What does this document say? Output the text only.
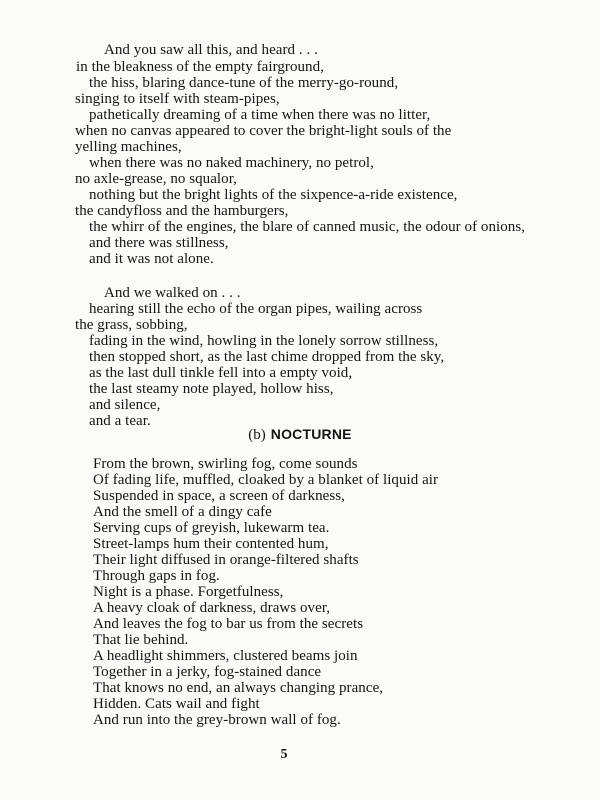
And you saw all this, and heard . . .
in the bleakness of the empty fairground,
the hiss, blaring dance-tune of the merry-go-round,
singing to itself with steam-pipes,
pathetically dreaming of a time when there was no litter,
when no canvas appeared to cover the bright-light souls of the
yelling machines,
when there was no naked machinery, no petrol,
no axle-grease, no squalor,
nothing but the bright lights of the sixpence-a-ride existence,
the candyfloss and the hamburgers,
the whirr of the engines, the blare of canned music, the odour of onions,
and there was stillness,
and it was not alone.
And we walked on . . .
hearing still the echo of the organ pipes, wailing across
the grass, sobbing,
fading in the wind, howling in the lonely sorrow stillness,
then stopped short, as the last chime dropped from the sky,
as the last dull tinkle fell into a empty void,
the last steamy note played, hollow hiss,
and silence,
and a tear.
(b) NOCTURNE
From the brown, swirling fog, come sounds
Of fading life, muffled, cloaked by a blanket of liquid air
Suspended in space, a screen of darkness,
And the smell of a dingy cafe
Serving cups of greyish, lukewarm tea.
Street-lamps hum their contented hum,
Their light diffused in orange-filtered shafts
Through gaps in fog.
Night is a phase. Forgetfulness,
A heavy cloak of darkness, draws over,
And leaves the fog to bar us from the secrets
That lie behind.
A headlight shimmers, clustered beams join
Together in a jerky, fog-stained dance
That knows no end, an always changing prance,
Hidden. Cats wail and fight
And run into the grey-brown wall of fog.
5
